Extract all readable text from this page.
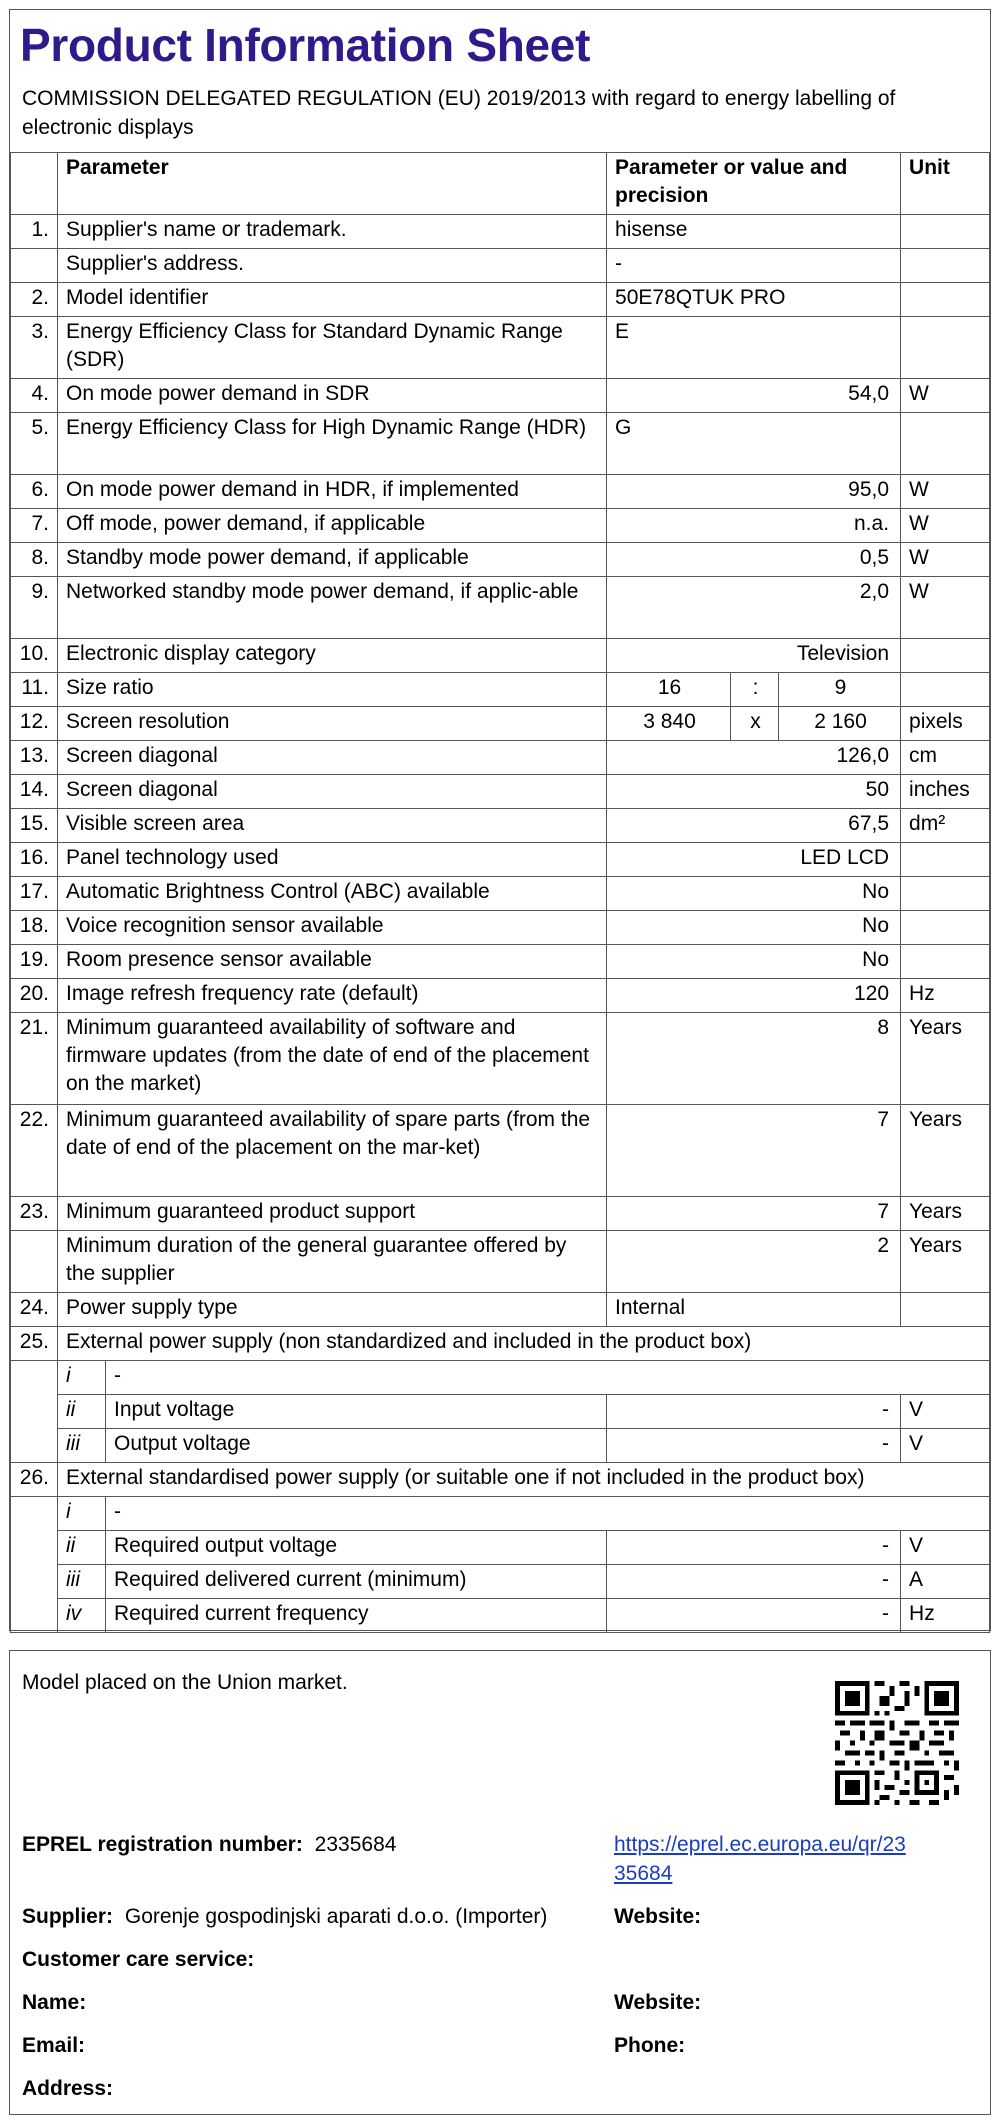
Product Information Sheet
COMMISSION DELEGATED REGULATION (EU) 2019/2013 with regard to energy labelling of electronic displays
	Parameter		Parameter or value and precision			Unit
1.	Supplier's name or trademark.		hisense			
	Supplier's address.		-			
2.	Model identifier		50E78QTUK PRO			
3.	Energy Efficiency Class for Standard Dynamic Range (SDR)		E			
4.	On mode power demand in SDR		54,0			W
5.	Energy Efficiency Class for High Dynamic Range (HDR)		G			
6.	On mode power demand in HDR, if implemented		95,0			W
7.	Off mode, power demand, if applicable		n.a.			W
8.	Standby mode power demand, if applicable		0,5			W
9.	Networked standby mode power demand, if applic-able		2,0			W
10.	Electronic display category		Television			
11.	Size ratio		16	:	9	
12.	Screen resolution		3 840	x	2 160	pixels
13.	Screen diagonal		126,0			cm
14.	Screen diagonal		50			inches
15.	Visible screen area		67,5			dm²
16.	Panel technology used		LED LCD			
17.	Automatic Brightness Control (ABC) available		No			
18.	Voice recognition sensor available		No			
19.	Room presence sensor available		No			
20.	Image refresh frequency rate (default)		120			Hz
21.	Minimum guaranteed availability of software and firmware updates (from the date of end of the placement on the market)		8			Years
22.	Minimum guaranteed availability of spare parts (from the date of end of the placement on the mar-ket)		7			Years
23.	Minimum guaranteed product support		7			Years
	Minimum duration of the general guarantee offered by the supplier		2			Years
24.	Power supply type		Internal			
25.	External power supply (non standardized and included in the product box)					
	i	-				
	ii	Input voltage	-			V
	iii	Output voltage	-			V
26.	External standardised power supply (or suitable one if not included in the product box)					
	i	-				
	ii	Required output voltage	-			V
	iii	Required delivered current (minimum)	-			A
	iv	Required current frequency	-			Hz
Model placed on the Union market.
EPREL registration number: 2335684	https://eprel.ec.europa.eu/qr/23
35684
Supplier: Gorenje gospodinjski aparati d.o.o. (Importer)	Website:
Customer care service:
Name:	Website:
Email:	Phone:
Address:
